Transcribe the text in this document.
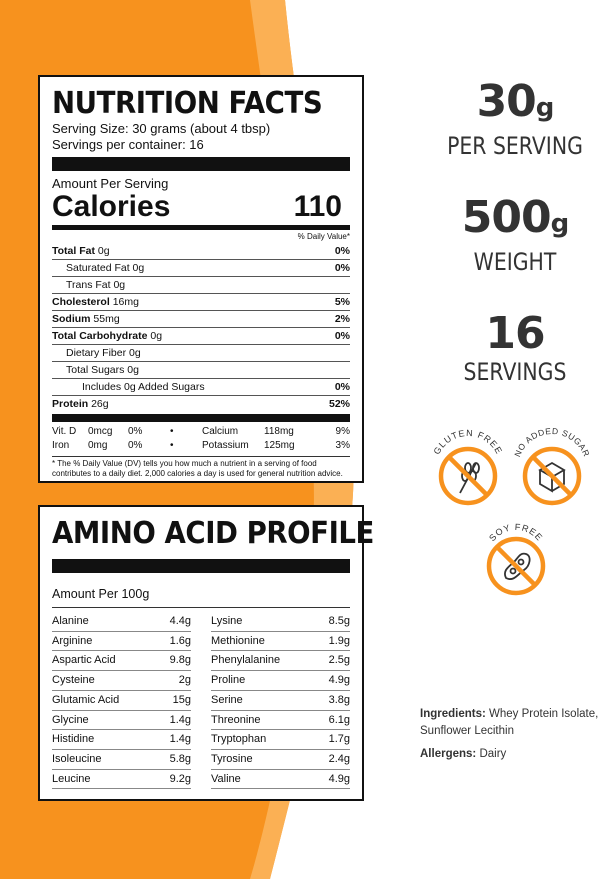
NUTRITION FACTS
Serving Size: 30 grams (about 4 tbsp)
Servings per container: 16
Amount Per Serving
Calories	110
% Daily Value*
Total Fat 0g	0%
Saturated Fat 0g	0%
Trans Fat 0g
Cholesterol 16mg	5%
Sodium 55mg	2%
Total Carbohydrate 0g	0%
Dietary Fiber 0g
Total Sugars 0g
Includes 0g Added Sugars	0%
Protein 26g	52%
Vit. D	0mcg	0%	•	Calcium	118mg	9%
Iron	0mg	0%	•	Potassium	125mg	3%
* The % Daily Value (DV) tells you how much a nutrient in a serving of food contributes to a daily diet. 2,000 calories a day is used for general nutrition advice.
AMINO ACID PROFILE
Amount Per 100g
Alanine	4.4g
Arginine	1.6g
Aspartic Acid	9.8g
Cysteine	2g
Glutamic Acid	15g
Glycine	1.4g
Histidine	1.4g
Isoleucine	5.8g
Leucine	9.2g
Lysine	8.5g
Methionine	1.9g
Phenylalanine	2.5g
Proline	4.9g
Serine	3.8g
Threonine	6.1g
Tryptophan	1.7g
Tyrosine	2.4g
Valine	4.9g
30g
PER SERVING
500g
WEIGHT
16
SERVINGS
GLUTEN FREE NO ADDED SUGAR
SOY FREE
Ingredients: Whey Protein Isolate, Sunflower Lecithin
Allergens: Dairy
